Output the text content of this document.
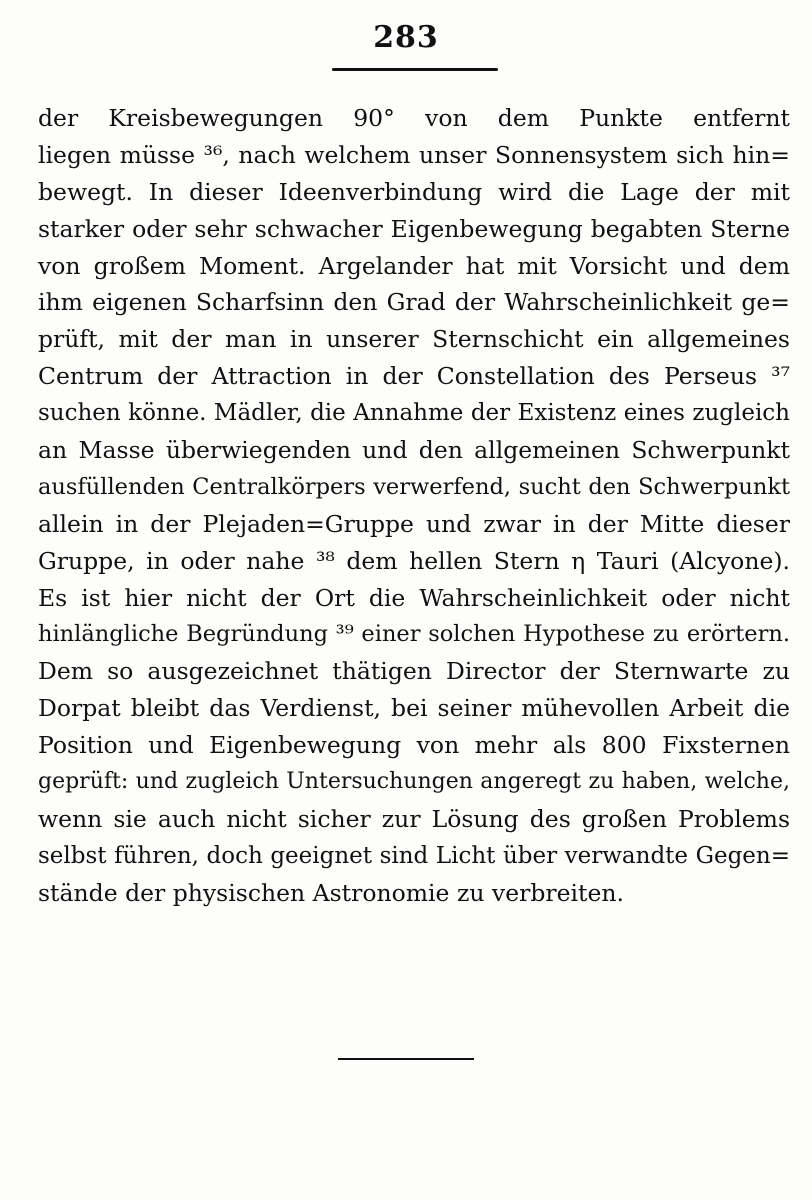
283
der Kreisbewegungen 90° von dem Punkte entfernt
liegen müsse ³⁶, nach welchem unser Sonnensystem sich hin=
bewegt. In dieser Ideenverbindung wird die Lage der mit
starker oder sehr schwacher Eigenbewegung begabten Sterne
von großem Moment. Argelander hat mit Vorsicht und dem
ihm eigenen Scharfsinn den Grad der Wahrscheinlichkeit ge=
prüft, mit der man in unserer Sternschicht ein allgemeines
Centrum der Attraction in der Constellation des Perseus ³⁷
suchen könne. Mädler, die Annahme der Existenz eines zugleich
an Masse überwiegenden und den allgemeinen Schwerpunkt
ausfüllenden Centralkörpers verwerfend, sucht den Schwerpunkt
allein in der Plejaden=Gruppe und zwar in der Mitte dieser
Gruppe, in oder nahe ³⁸ dem hellen Stern η Tauri (Alcyone).
Es ist hier nicht der Ort die Wahrscheinlichkeit oder nicht
hinlängliche Begründung ³⁹ einer solchen Hypothese zu erörtern.
Dem so ausgezeichnet thätigen Director der Sternwarte zu
Dorpat bleibt das Verdienst, bei seiner mühevollen Arbeit die
Position und Eigenbewegung von mehr als 800 Fixsternen
geprüft: und zugleich Untersuchungen angeregt zu haben, welche,
wenn sie auch nicht sicher zur Lösung des großen Problems
selbst führen, doch geeignet sind Licht über verwandte Gegen=
stände der physischen Astronomie zu verbreiten.
